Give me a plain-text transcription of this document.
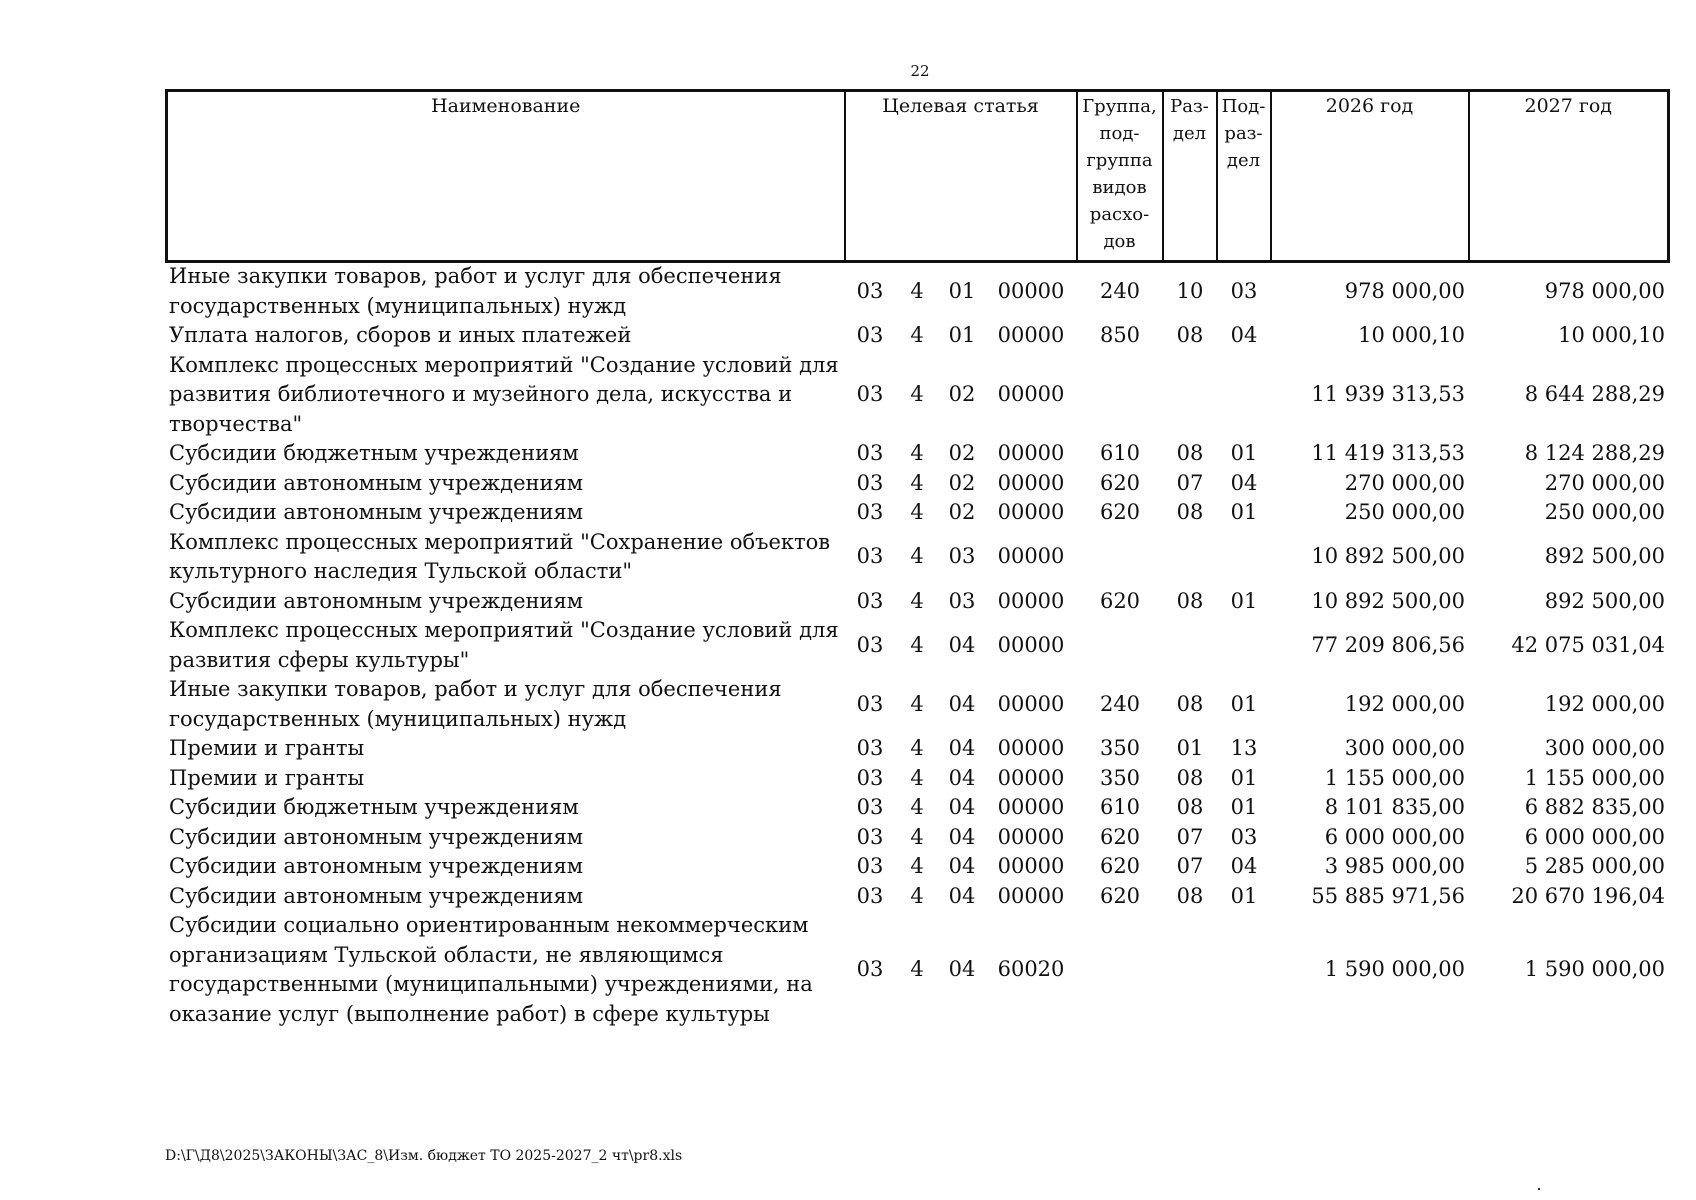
22
Наименование	Целевая статья	Группа, под-группа видов расхо-дов	Раз-дел	Под-раз-дел	2026 год	2027 год
Иные закупки товаров, работ и услуг для обеспечения государственных (муниципальных) нужд	03	4	01	00000	240	10	03	978 000,00	978 000,00
Уплата налогов, сборов и иных платежей	03	4	01	00000	850	08	04	10 000,10	10 000,10
Комплекс процессных мероприятий "Создание условий для развития библиотечного и музейного дела, искусства и творчества"	03	4	02	00000				11 939 313,53	8 644 288,29
Субсидии бюджетным учреждениям	03	4	02	00000	610	08	01	11 419 313,53	8 124 288,29
Субсидии автономным учреждениям	03	4	02	00000	620	07	04	270 000,00	270 000,00
Субсидии автономным учреждениям	03	4	02	00000	620	08	01	250 000,00	250 000,00
Комплекс процессных мероприятий "Сохранение объектов культурного наследия Тульской области"	03	4	03	00000				10 892 500,00	892 500,00
Субсидии автономным учреждениям	03	4	03	00000	620	08	01	10 892 500,00	892 500,00
Комплекс процессных мероприятий "Создание условий для развития сферы культуры"	03	4	04	00000				77 209 806,56	42 075 031,04
Иные закупки товаров, работ и услуг для обеспечения государственных (муниципальных) нужд	03	4	04	00000	240	08	01	192 000,00	192 000,00
Премии и гранты	03	4	04	00000	350	01	13	300 000,00	300 000,00
Премии и гранты	03	4	04	00000	350	08	01	1 155 000,00	1 155 000,00
Субсидии бюджетным учреждениям	03	4	04	00000	610	08	01	8 101 835,00	6 882 835,00
Субсидии автономным учреждениям	03	4	04	00000	620	07	03	6 000 000,00	6 000 000,00
Субсидии автономным учреждениям	03	4	04	00000	620	07	04	3 985 000,00	5 285 000,00
Субсидии автономным учреждениям	03	4	04	00000	620	08	01	55 885 971,56	20 670 196,04
Субсидии социально ориентированным некоммерческим организациям Тульской области, не являющимся государственными (муниципальными) учреждениями, на оказание услуг (выполнение работ) в сфере культуры	03	4	04	60020				1 590 000,00	1 590 000,00
D:\Г\Д8\2025\ЗАКОНЫ\ЗАС_8\Изм. бюджет ТО 2025-2027_2 чт\pr8.xls
